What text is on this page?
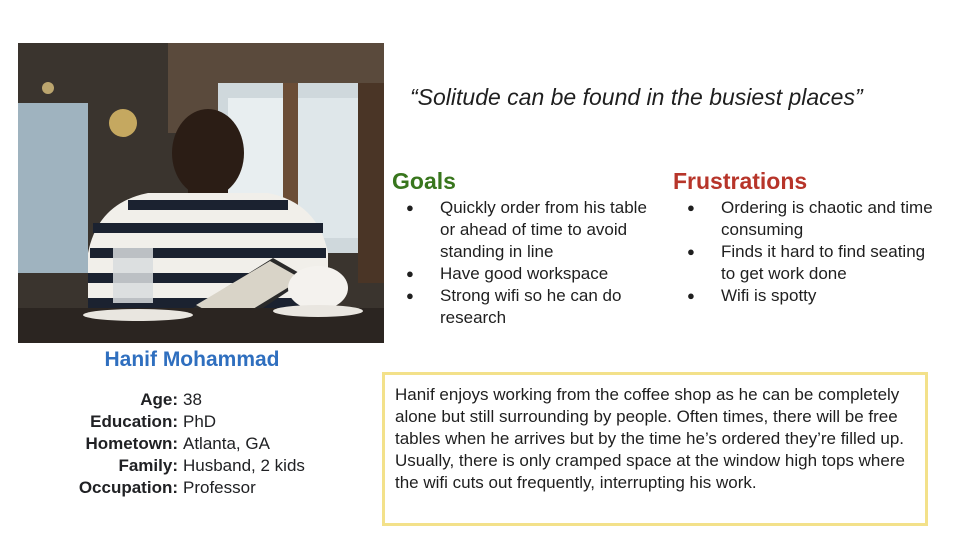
“Solitude can be found in the busiest places”
Goals
● Quickly order from his table or ahead of time to avoid standing in line
● Have good workspace
● Strong wifi so he can do research
Frustrations
● Ordering is chaotic and time consuming
● Finds it hard to find seating to get work done
● Wifi is spotty
Hanif Mohammad
Age: 38
Education: PhD
Hometown: Atlanta, GA
Family: Husband, 2 kids
Occupation: Professor
Hanif enjoys working from the coffee shop as he can be completely alone but still surrounding by people. Often times, there will be free tables when he arrives but by the time he’s ordered they’re filled up. Usually, there is only cramped space at the window high tops where the wifi cuts out frequently, interrupting his work.
